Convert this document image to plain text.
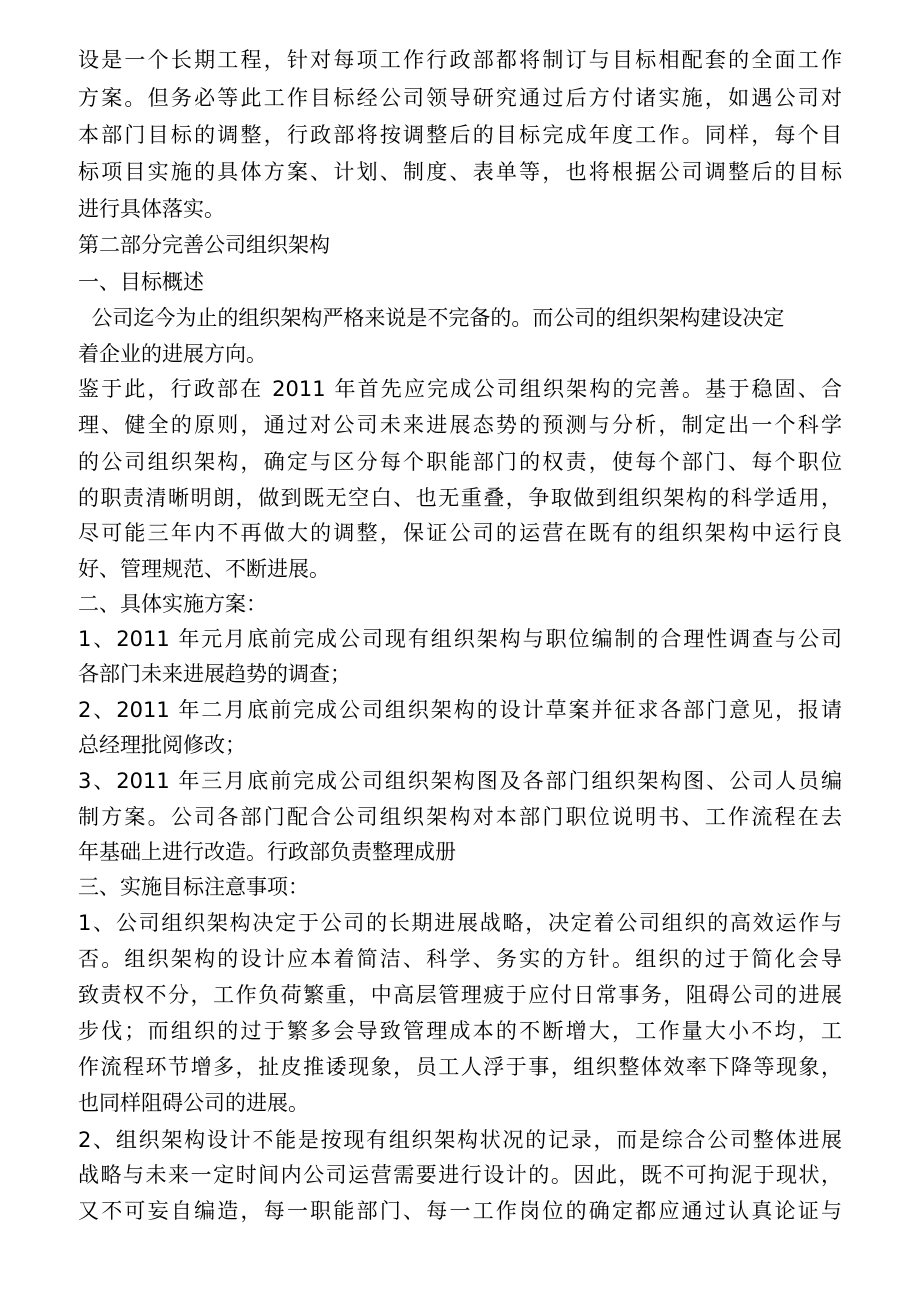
设是一个长期工程，针对每项工作行政部都将制订与目标相配套的全面工作
方案。但务必等此工作目标经公司领导研究通过后方付诸实施，如遇公司对
本部门目标的调整，行政部将按调整后的目标完成年度工作。同样，每个目
标项目实施的具体方案、计划、制度、表单等，也将根据公司调整后的目标
进行具体落实。
第二部分完善公司组织架构
一、目标概述
公司迄今为止的组织架构严格来说是不完备的。而公司的组织架构建设决定
着企业的进展方向。
鉴于此，行政部在 2011 年首先应完成公司组织架构的完善。基于稳固、合
理、健全的原则，通过对公司未来进展态势的预测与分析，制定出一个科学
的公司组织架构，确定与区分每个职能部门的权责，使每个部门、每个职位
的职责清晰明朗，做到既无空白、也无重叠，争取做到组织架构的科学适用，
尽可能三年内不再做大的调整，保证公司的运营在既有的组织架构中运行良
好、管理规范、不断进展。
二、具体实施方案：
1、2011 年元月底前完成公司现有组织架构与职位编制的合理性调查与公司
各部门未来进展趋势的调查；
2、2011 年二月底前完成公司组织架构的设计草案并征求各部门意见，报请
总经理批阅修改；
3、2011 年三月底前完成公司组织架构图及各部门组织架构图、公司人员编
制方案。公司各部门配合公司组织架构对本部门职位说明书、工作流程在去
年基础上进行改造。行政部负责整理成册
三、实施目标注意事项：
1、公司组织架构决定于公司的长期进展战略，决定着公司组织的高效运作与
否。组织架构的设计应本着简洁、科学、务实的方针。组织的过于简化会导
致责权不分，工作负荷繁重，中高层管理疲于应付日常事务，阻碍公司的进展
步伐；而组织的过于繁多会导致管理成本的不断增大，工作量大小不均，工
作流程环节增多，扯皮推诿现象，员工人浮于事，组织整体效率下降等现象，
也同样阻碍公司的进展。
2、组织架构设计不能是按现有组织架构状况的记录，而是综合公司整体进展
战略与未来一定时间内公司运营需要进行设计的。因此，既不可拘泥于现状，
又不可妄自编造，每一职能部门、每一工作岗位的确定都应通过认真论证与
